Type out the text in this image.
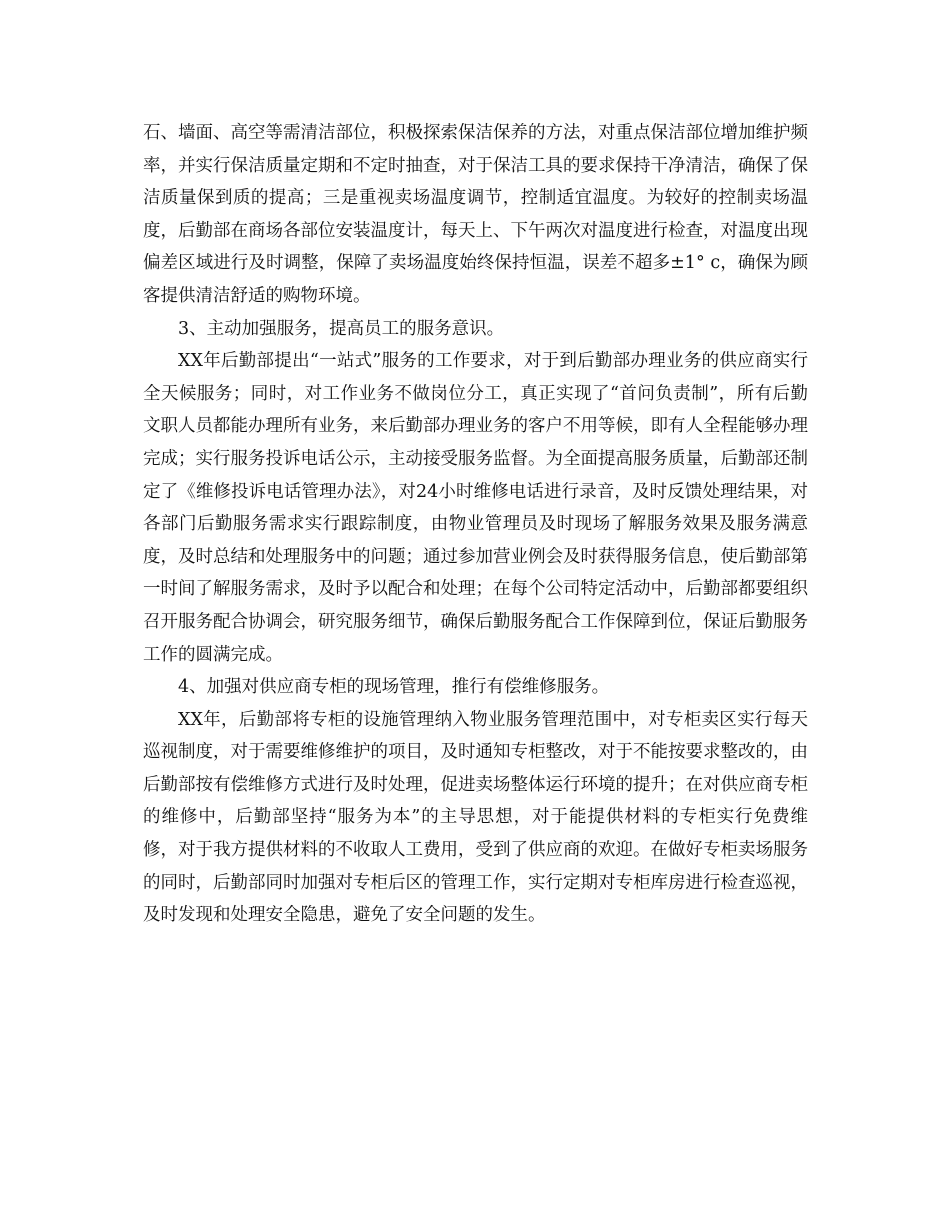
石、墙面、高空等需清洁部位，积极探索保洁保养的方法，对重点保洁部位增加维护频率，并实行保洁质量定期和不定时抽查，对于保洁工具的要求保持干净清洁，确保了保洁质量保到质的提高；三是重视卖场温度调节，控制适宜温度。为较好的控制卖场温度，后勤部在商场各部位安装温度计，每天上、下午两次对温度进行检查，对温度出现偏差区域进行及时调整，保障了卖场温度始终保持恒温，误差不超多±1° c，确保为顾客提供清洁舒适的购物环境。

3、主动加强服务，提高员工的服务意识。

XX年后勤部提出“一站式”服务的工作要求，对于到后勤部办理业务的供应商实行全天候服务；同时，对工作业务不做岗位分工，真正实现了“首问负责制”，所有后勤文职人员都能办理所有业务，来后勤部办理业务的客户不用等候，即有人全程能够办理完成；实行服务投诉电话公示，主动接受服务监督。为全面提高服务质量，后勤部还制定了《维修投诉电话管理办法》，对24小时维修电话进行录音，及时反馈处理结果，对各部门后勤服务需求实行跟踪制度，由物业管理员及时现场了解服务效果及服务满意度，及时总结和处理服务中的问题；通过参加营业例会及时获得服务信息，使后勤部第一时间了解服务需求，及时予以配合和处理；在每个公司特定活动中，后勤部都要组织召开服务配合协调会，研究服务细节，确保后勤服务配合工作保障到位，保证后勤服务工作的圆满完成。

4、加强对供应商专柜的现场管理，推行有偿维修服务。

XX年，后勤部将专柜的设施管理纳入物业服务管理范围中，对专柜卖区实行每天巡视制度，对于需要维修维护的项目，及时通知专柜整改，对于不能按要求整改的，由后勤部按有偿维修方式进行及时处理，促进卖场整体运行环境的提升；在对供应商专柜的维修中，后勤部坚持“服务为本”的主导思想，对于能提供材料的专柜实行免费维修，对于我方提供材料的不收取人工费用，受到了供应商的欢迎。在做好专柜卖场服务的同时，后勤部同时加强对专柜后区的管理工作，实行定期对专柜库房进行检查巡视，及时发现和处理安全隐患，避免了安全问题的发生。
